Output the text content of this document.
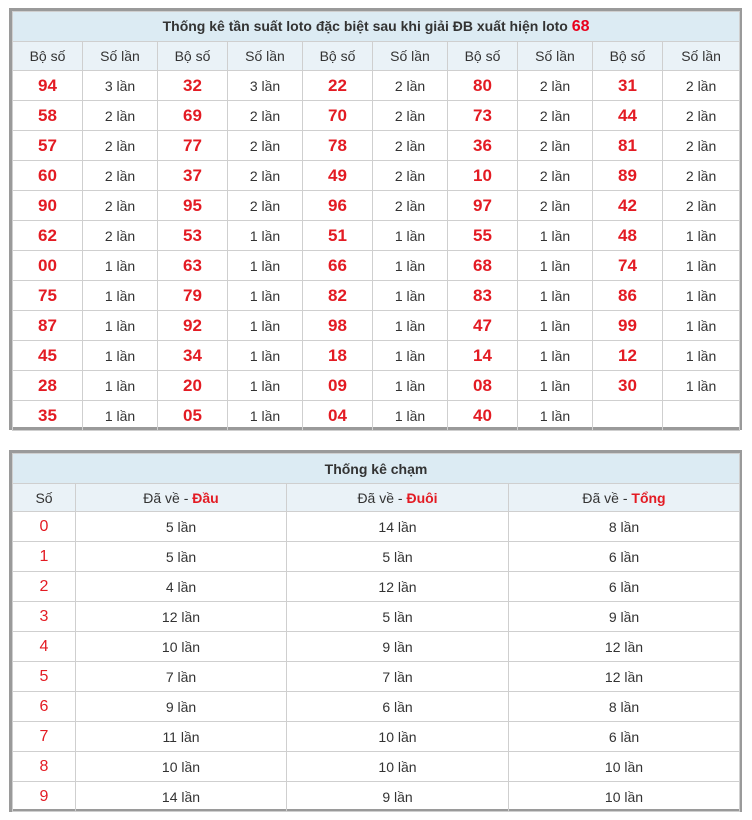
Thống kê tần suất loto đặc biệt sau khi giải ĐB xuất hiện loto 68									
Bộ số	Số lần	Bộ số	Số lần	Bộ số	Số lần	Bộ số	Số lần	Bộ số	Số lần
94	3 lần	32	3 lần	22	2 lần	80	2 lần	31	2 lần
58	2 lần	69	2 lần	70	2 lần	73	2 lần	44	2 lần
57	2 lần	77	2 lần	78	2 lần	36	2 lần	81	2 lần
60	2 lần	37	2 lần	49	2 lần	10	2 lần	89	2 lần
90	2 lần	95	2 lần	96	2 lần	97	2 lần	42	2 lần
62	2 lần	53	1 lần	51	1 lần	55	1 lần	48	1 lần
00	1 lần	63	1 lần	66	1 lần	68	1 lần	74	1 lần
75	1 lần	79	1 lần	82	1 lần	83	1 lần	86	1 lần
87	1 lần	92	1 lần	98	1 lần	47	1 lần	99	1 lần
45	1 lần	34	1 lần	18	1 lần	14	1 lần	12	1 lần
28	1 lần	20	1 lần	09	1 lần	08	1 lần	30	1 lần
35	1 lần	05	1 lần	04	1 lần	40	1 lần		
Thống kê chạm			
Số	Đã về - Đầu	Đã về - Đuôi	Đã về - Tổng
0	5 lần	14 lần	8 lần
1	5 lần	5 lần	6 lần
2	4 lần	12 lần	6 lần
3	12 lần	5 lần	9 lần
4	10 lần	9 lần	12 lần
5	7 lần	7 lần	12 lần
6	9 lần	6 lần	8 lần
7	11 lần	10 lần	6 lần
8	10 lần	10 lần	10 lần
9	14 lần	9 lần	10 lần
